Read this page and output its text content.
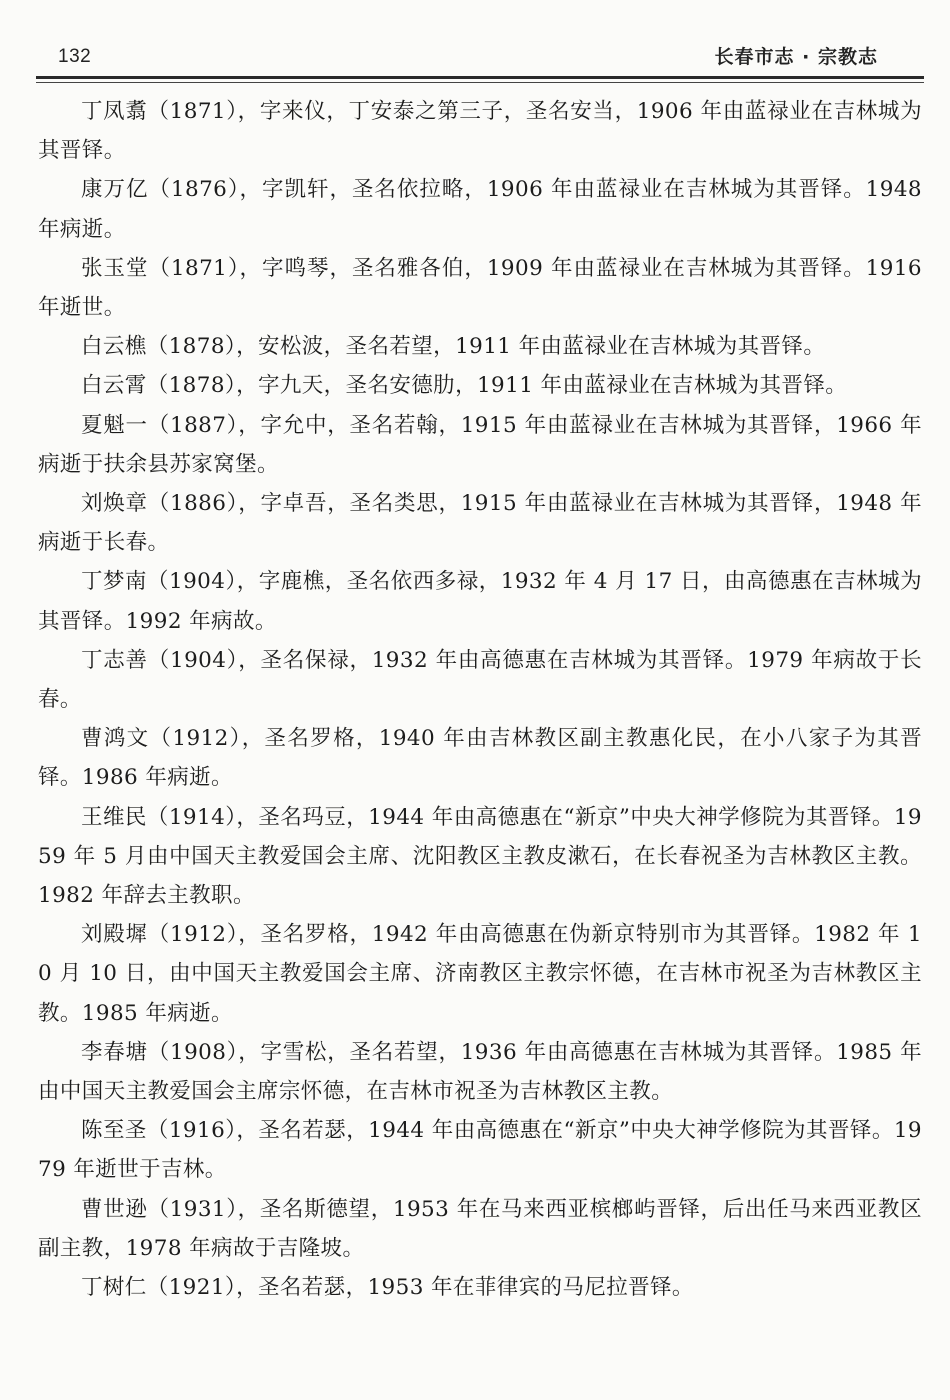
132	长春市志 · 宗教志

丁凤翥（1871），字来仪，丁安泰之第三子，圣名安当，1906 年由蓝禄业在吉林城为其晋铎。

康万亿（1876），字凯轩，圣名依拉略，1906 年由蓝禄业在吉林城为其晋铎。1948 年病逝。

张玉堂（1871），字鸣琴，圣名雅各伯，1909 年由蓝禄业在吉林城为其晋铎。1916 年逝世。

白云樵（1878），安松波，圣名若望，1911 年由蓝禄业在吉林城为其晋铎。

白云霄（1878），字九天，圣名安德肋，1911 年由蓝禄业在吉林城为其晋铎。

夏魁一（1887），字允中，圣名若翰，1915 年由蓝禄业在吉林城为其晋铎，1966 年病逝于扶余县苏家窝堡。

刘焕章（1886），字卓吾，圣名类思，1915 年由蓝禄业在吉林城为其晋铎，1948 年病逝于长春。

丁梦南（1904），字鹿樵，圣名依西多禄，1932 年 4 月 17 日，由高德惠在吉林城为其晋铎。1992 年病故。

丁志善（1904），圣名保禄，1932 年由高德惠在吉林城为其晋铎。1979 年病故于长春。

曹鸿文（1912），圣名罗格，1940 年由吉林教区副主教惠化民，在小八家子为其晋铎。1986 年病逝。

王维民（1914），圣名玛豆，1944 年由高德惠在“新京”中央大神学修院为其晋铎。1959 年 5 月由中国天主教爱国会主席、沈阳教区主教皮漱石，在长春祝圣为吉林教区主教。1982 年辞去主教职。

刘殿墀（1912），圣名罗格，1942 年由高德惠在伪新京特别市为其晋铎。1982 年 10 月 10 日，由中国天主教爱国会主席、济南教区主教宗怀德，在吉林市祝圣为吉林教区主教。1985 年病逝。

李春塘（1908），字雪松，圣名若望，1936 年由高德惠在吉林城为其晋铎。1985 年由中国天主教爱国会主席宗怀德，在吉林市祝圣为吉林教区主教。

陈至圣（1916），圣名若瑟，1944 年由高德惠在“新京”中央大神学修院为其晋铎。1979 年逝世于吉林。

曹世逊（1931），圣名斯德望，1953 年在马来西亚槟榔屿晋铎，后出任马来西亚教区副主教，1978 年病故于吉隆坡。

丁树仁（1921），圣名若瑟，1953 年在菲律宾的马尼拉晋铎。
